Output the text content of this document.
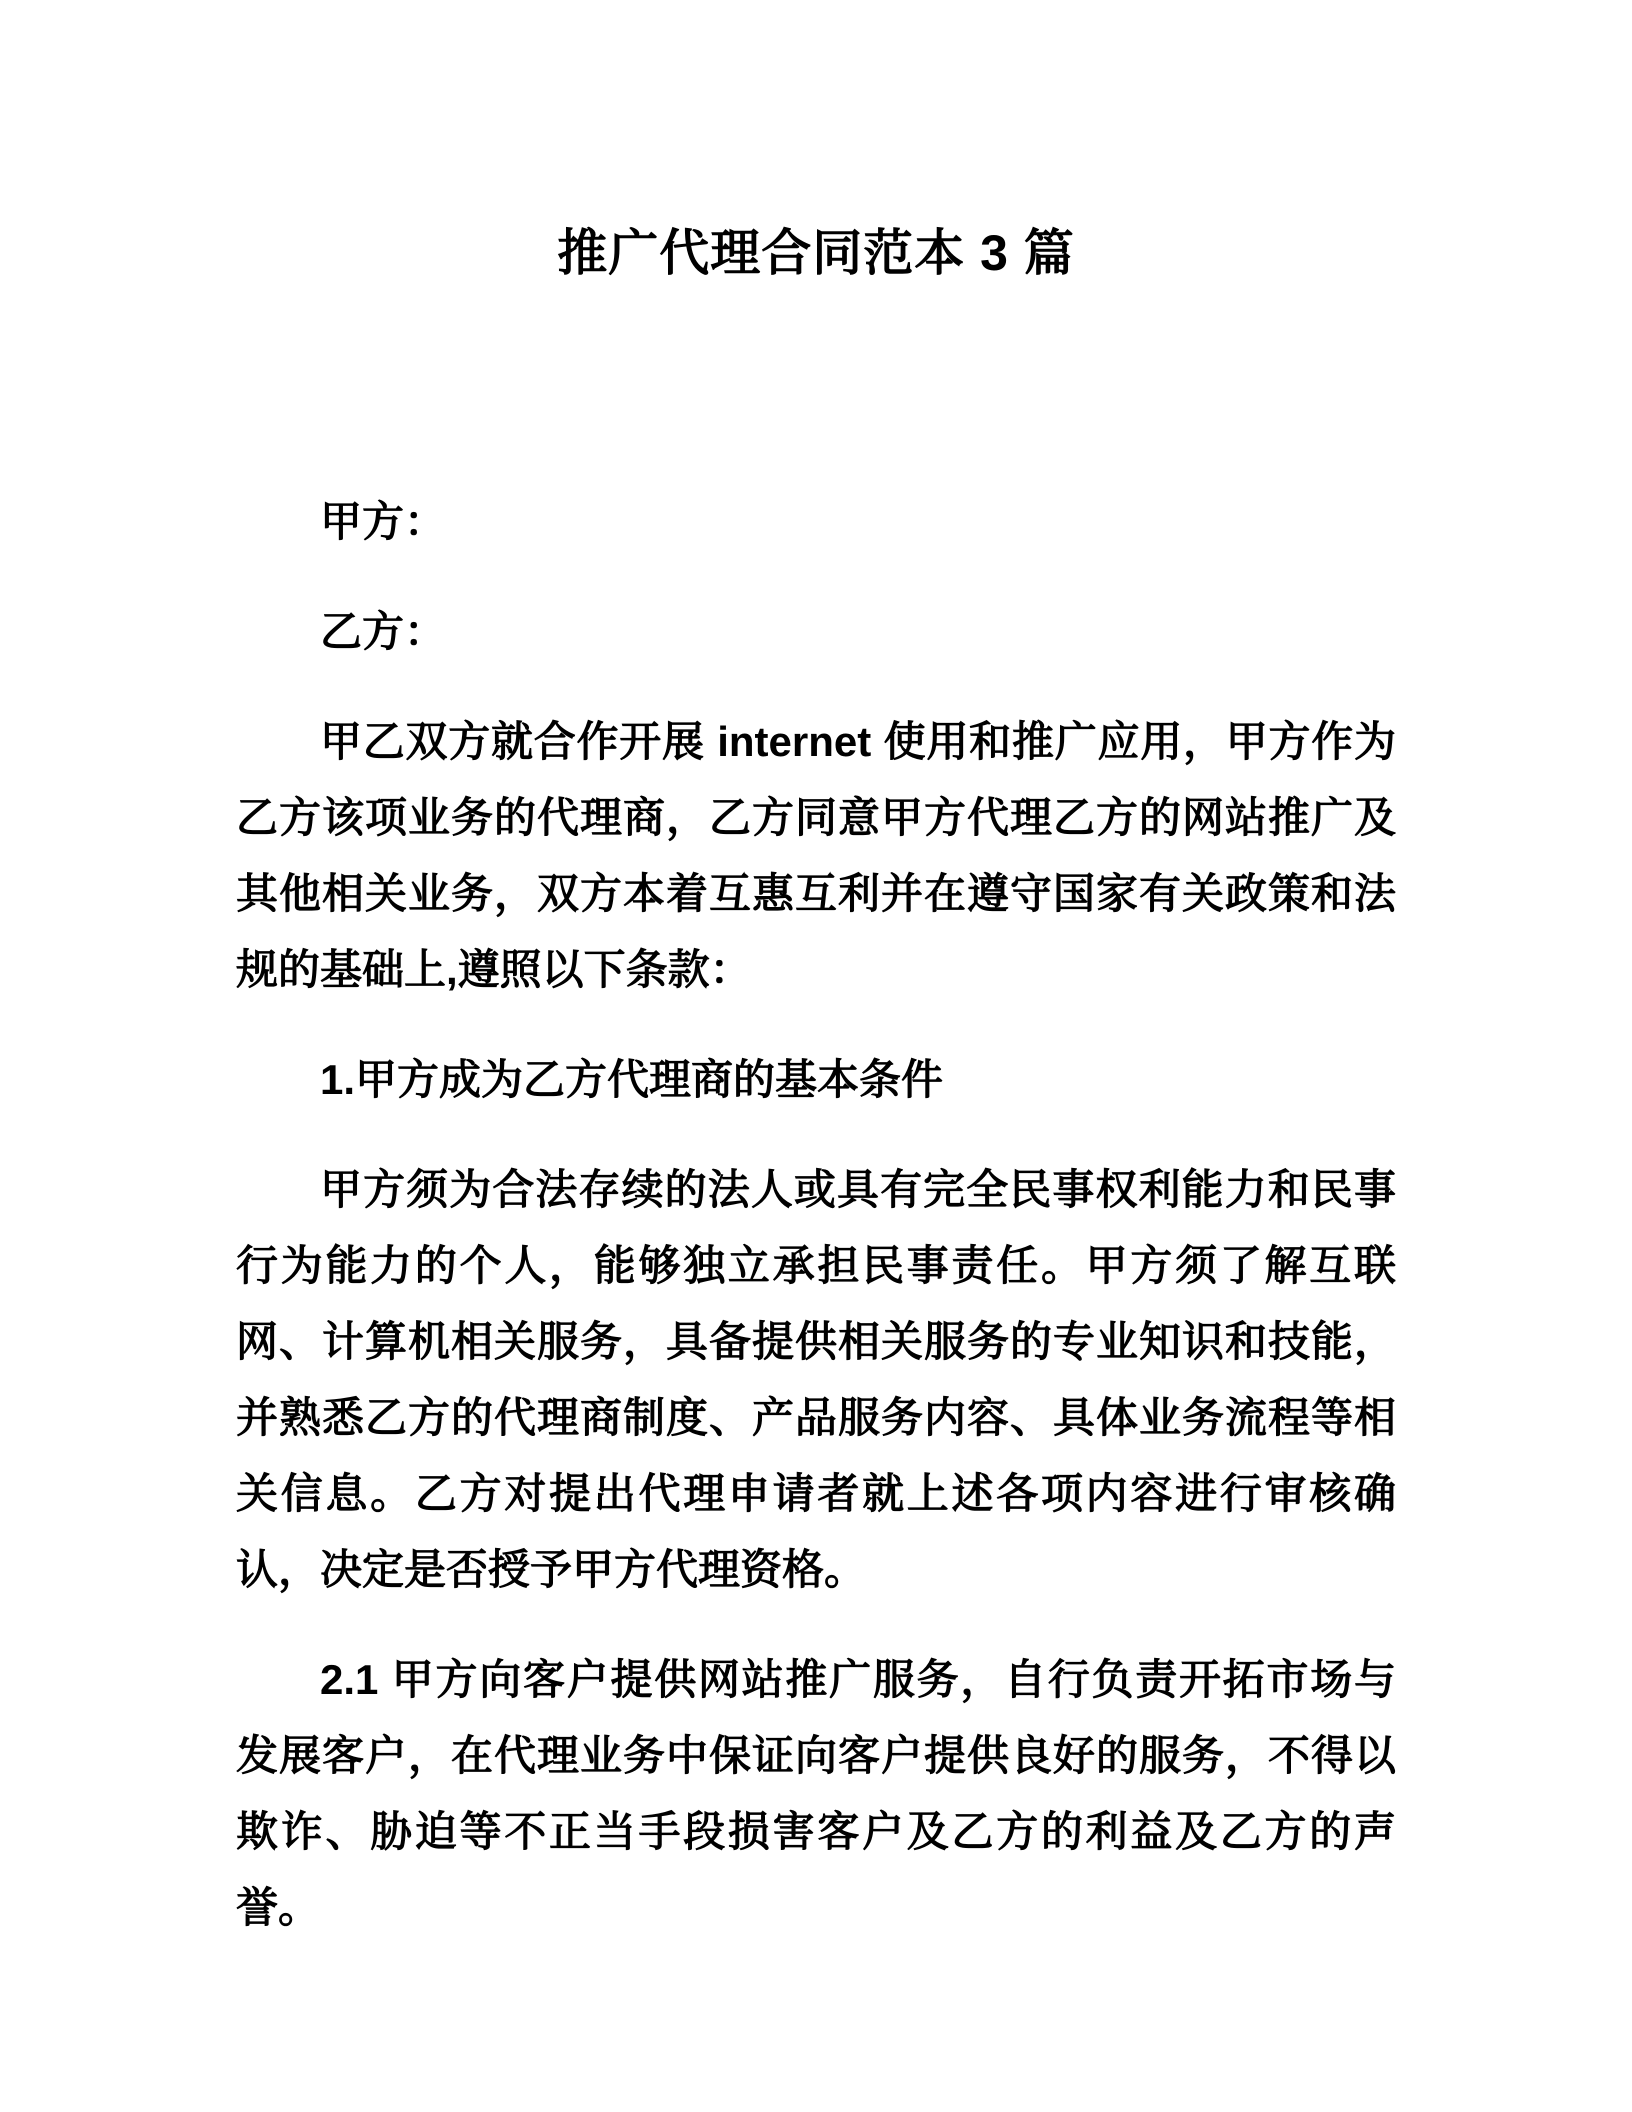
推广代理合同范本 3 篇

甲方：

乙方：

甲乙双方就合作开展 internet 使用和推广应用，甲方作为乙方该项业务的代理商，乙方同意甲方代理乙方的网站推广及其他相关业务，双方本着互惠互利并在遵守国家有关政策和法规的基础上,遵照以下条款：

1.甲方成为乙方代理商的基本条件

甲方须为合法存续的法人或具有完全民事权利能力和民事行为能力的个人，能够独立承担民事责任。甲方须了解互联网、计算机相关服务，具备提供相关服务的专业知识和技能，并熟悉乙方的代理商制度、产品服务内容、具体业务流程等相关信息。乙方对提出代理申请者就上述各项内容进行审核确认，决定是否授予甲方代理资格。

2.1 甲方向客户提供网站推广服务，自行负责开拓市场与发展客户，在代理业务中保证向客户提供良好的服务，不得以欺诈、胁迫等不正当手段损害客户及乙方的利益及乙方的声誉。
